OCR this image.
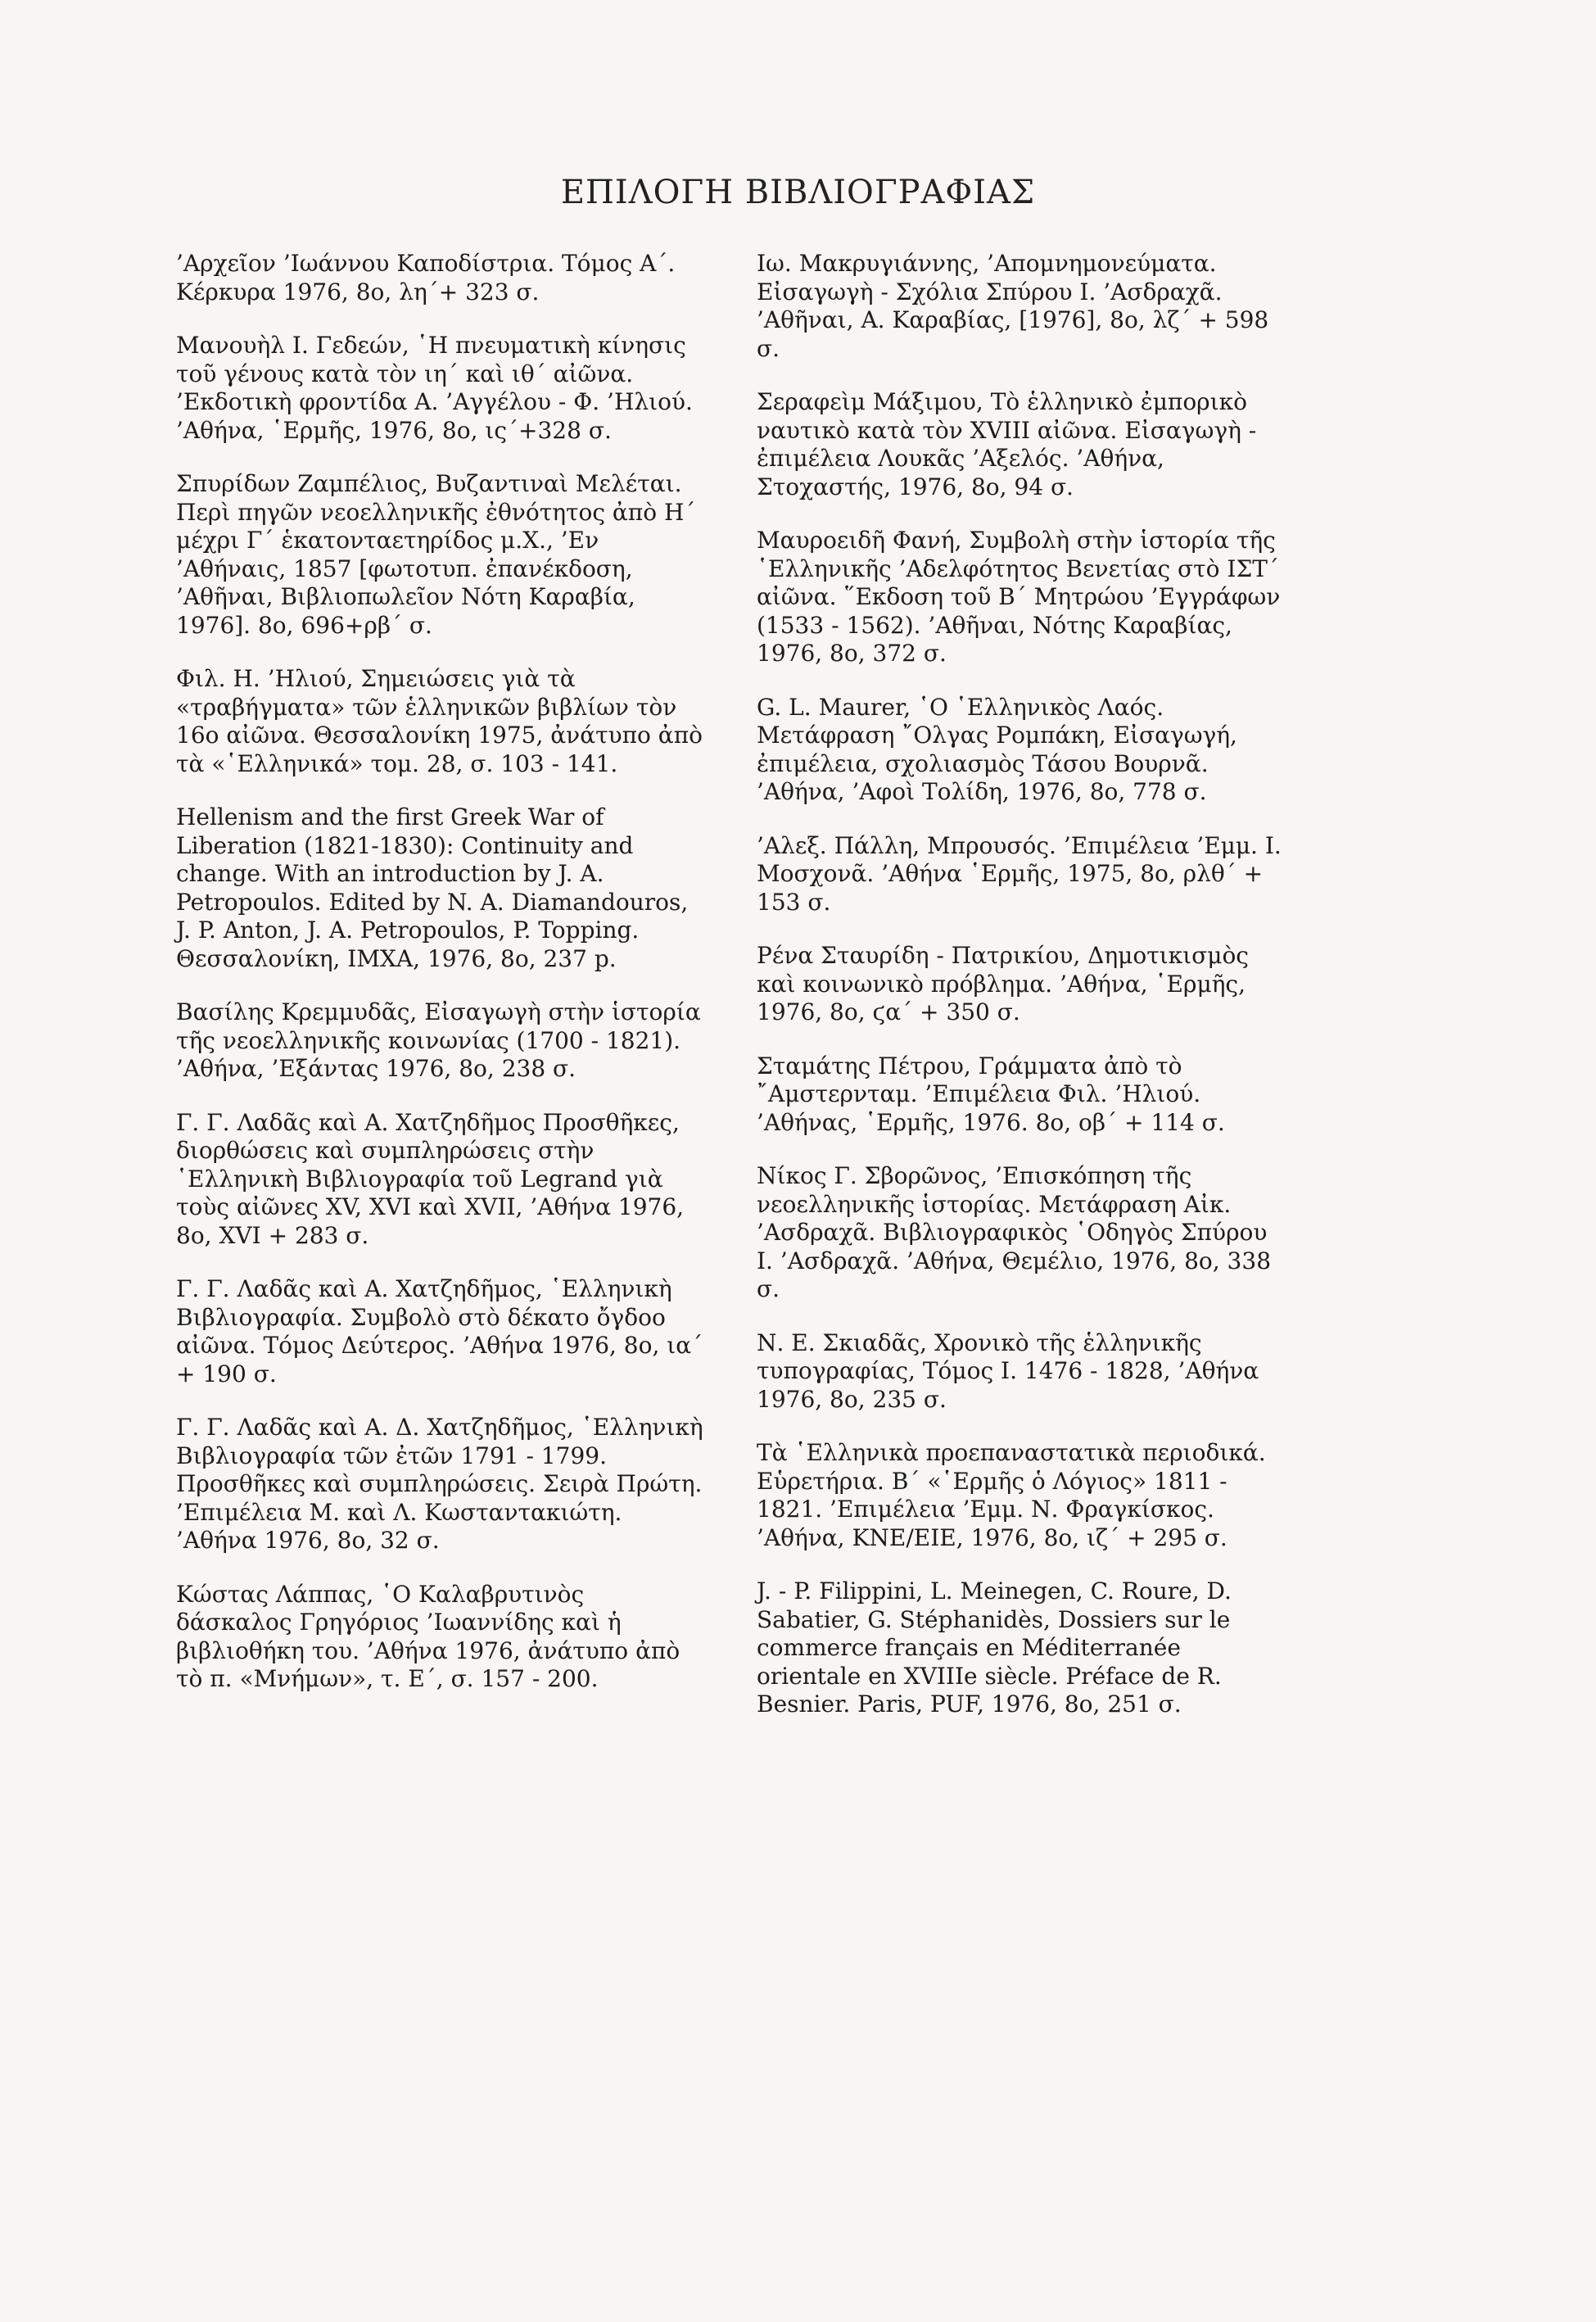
ΕΠΙΛΟΓΗ ΒΙΒΛΙΟΓΡΑΦΙΑΣ

’Αρχεῖον ’Ιωάννου Καποδίστρια. Τόμος Α΄. Κέρκυρα 1976, 8ο, λη΄+ 323 σ.

Μανουὴλ Ι. Γεδεών, ῾Η πνευματικὴ κίνησις τοῦ γένους κατὰ τὸν ιη΄ καὶ ιθ΄ αἰῶνα. ’Εκδοτικὴ φροντίδα Α. ’Αγγέλου - Φ. ’Ηλιού. ’Αθήνα, ῾Ερμῆς, 1976, 8ο, ις΄+328 σ.

Σπυρίδων Ζαμπέλιος, Βυζαντιναὶ Μελέται. Περὶ πηγῶν νεοελληνικῆς ἐθνότητος ἀπὸ Η΄ μέχρι Γ΄ ἑκατονταετηρίδος μ.Χ., ’Εν ’Αθήναις, 1857 [φωτοτυπ. ἐπανέκδοση, ’Αθῆναι, Βιβλιοπωλεῖον Νότη Καραβία, 1976]. 8ο, 696+ρβ΄ σ.

Φιλ. Η. ’Ηλιού, Σημειώσεις γιὰ τὰ «τραβήγματα» τῶν ἑλληνικῶν βιβλίων τὸν 16ο αἰῶνα. Θεσσαλονίκη 1975, ἀνάτυπο ἀπὸ τὰ «῾Ελληνικά» τομ. 28, σ. 103 - 141.

Hellenism and the first Greek War of Liberation (1821-1830): Continuity and change. With an introduction by J. A. Petropoulos. Edited by N. A. Diamandouros, J. P. Anton, J. A. Petropoulos, P. Topping. Θεσσαλονίκη, ΙΜΧΑ, 1976, 8ο, 237 p.

Βασίλης Κρεμμυδᾶς, Εἰσαγωγὴ στὴν ἱστορία τῆς νεοελληνικῆς κοινωνίας (1700 - 1821). ’Αθήνα, ’Εξάντας 1976, 8ο, 238 σ.

Γ. Γ. Λαδᾶς καὶ Α. Χατζηδῆμος Προσθῆκες, διορθώσεις καὶ συμπληρώσεις στὴν ῾Ελληνικὴ Βιβλιογραφία τοῦ Legrand γιὰ τοὺς αἰῶνες XV, XVI καὶ XVII, ’Αθήνα 1976, 8ο, XVI + 283 σ.

Γ. Γ. Λαδᾶς καὶ Α. Χατζηδῆμος, ῾Ελληνικὴ Βιβλιογραφία. Συμβολὸ στὸ δέκατο ὄγδοο αἰῶνα. Τόμος Δεύτερος. ’Αθήνα 1976, 8ο, ια΄ + 190 σ.

Γ. Γ. Λαδᾶς καὶ Α. Δ. Χατζηδῆμος, ῾Ελληνικὴ Βιβλιογραφία τῶν ἐτῶν 1791 - 1799. Προσθῆκες καὶ συμπληρώσεις. Σειρὰ Πρώτη. ’Επιμέλεια Μ. καὶ Λ. Κωσταντακιώτη. ’Αθήνα 1976, 8ο, 32 σ.

Κώστας Λάππας, ῾Ο Καλαβρυτινὸς δάσκαλος Γρηγόριος ’Ιωαννίδης καὶ ἡ βιβλιοθήκη του. ’Αθήνα 1976, ἀνάτυπο ἀπὸ τὸ π. «Μνήμων», τ. Ε΄, σ. 157 - 200.

Ιω. Μακρυγιάννης, ’Απομνημονεύματα. Εἰσαγωγὴ - Σχόλια Σπύρου Ι. ’Ασδραχᾶ. ’Αθῆναι, Α. Καραβίας, [1976], 8ο, λζ΄ + 598 σ.

Σεραφεὶμ Μάξιμου, Τὸ ἑλληνικὸ ἐμπορικὸ ναυτικὸ κατὰ τὸν XVIII αἰῶνα. Εἰσαγωγὴ - ἐπιμέλεια Λουκᾶς ’Αξελός. ’Αθήνα, Στοχαστής, 1976, 8ο, 94 σ.

Μαυροειδῆ Φανή, Συμβολὴ στὴν ἱστορία τῆς ῾Ελληνικῆς ’Αδελφότητος Βενετίας στὸ ΙΣΤ΄ αἰῶνα. ῞Εκδοση τοῦ Β΄ Μητρώου ’Εγγράφων (1533 - 1562). ’Αθῆναι, Νότης Καραβίας, 1976, 8ο, 372 σ.

G. L. Maurer, ῾Ο ῾Ελληνικὸς Λαός. Μετάφραση ῎Ολγας Ρομπάκη, Εἰσαγωγή, ἐπιμέλεια, σχολιασμὸς Τάσου Βουρνᾶ. ’Αθήνα, ’Αφοὶ Τολίδη, 1976, 8ο, 778 σ.

’Αλεξ. Πάλλη, Μπρουσός. ’Επιμέλεια ’Εμμ. Ι. Μοσχονᾶ. ’Αθήνα ῾Ερμῆς, 1975, 8ο, ρλθ΄ + 153 σ.

Ρένα Σταυρίδη - Πατρικίου, Δημοτικισμὸς καὶ κοινωνικὸ πρόβλημα. ’Αθήνα, ῾Ερμῆς, 1976, 8ο, ϛα΄ + 350 σ.

Σταμάτης Πέτρου, Γράμματα ἀπὸ τὸ ῎Αμστερνταμ. ’Επιμέλεια Φιλ. ’Ηλιού. ’Αθήνας, ῾Ερμῆς, 1976. 8ο, οβ΄ + 114 σ.

Νίκος Γ. Σβορῶνος, ’Επισκόπηση τῆς νεοελληνικῆς ἱστορίας. Μετάφραση Αἰκ. ’Ασδραχᾶ. Βιβλιογραφικὸς ῾Οδηγὸς Σπύρου Ι. ’Ασδραχᾶ. ’Αθήνα, Θεμέλιο, 1976, 8ο, 338 σ.

Ν. Ε. Σκιαδᾶς, Χρονικὸ τῆς ἑλληνικῆς τυπογραφίας, Τόμος Ι. 1476 - 1828, ’Αθήνα 1976, 8ο, 235 σ.

Τὰ ῾Ελληνικὰ προεπαναστατικὰ περιοδικά. Εὑρετήρια. Β΄ «῾Ερμῆς ὁ Λόγιος» 1811 - 1821. ’Επιμέλεια ’Εμμ. Ν. Φραγκίσκος. ’Αθήνα, ΚΝΕ/ΕΙΕ, 1976, 8ο, ιζ΄ + 295 σ.

J. - P. Filippini, L. Meinegen, C. Roure, D. Sabatier, G. Stéphanidès, Dossiers sur le commerce français en Méditerranée orientale en XVIIIe siècle. Préface de R. Besnier. Paris, PUF, 1976, 8o, 251 σ.
